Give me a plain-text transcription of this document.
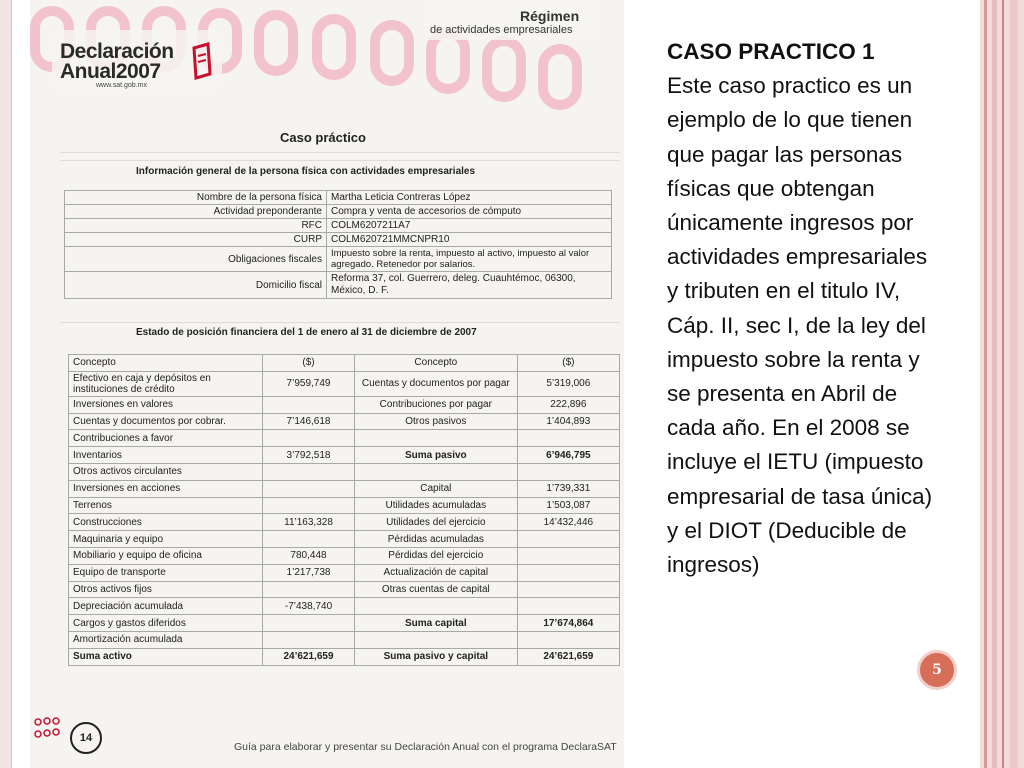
Declaración
Anual2007
www.sat.gob.mx
Régimen
de actividades empresariales
Caso práctico
Información general de la persona física con actividades empresariales
Nombre de la persona física	Martha Leticia Contreras López
Actividad preponderante	Compra y venta de accesorios de cómputo
RFC	COLM6207211A7
CURP	COLM620721MMCNPR10
Obligaciones fiscales	Impuesto sobre la renta, impuesto al activo, impuesto al valor agregado. Retenedor por salarios.
Domicilio fiscal	Reforma 37, col. Guerrero, deleg. Cuauhtémoc, 06300, México, D. F.
Estado de posición financiera del 1 de enero al 31 de diciembre de 2007
Concepto	($)	Concepto	($)
Efectivo en caja y depósitos en instituciones de crédito	7’959,749	Cuentas y documentos por pagar	5’319,006
Inversiones en valores		Contribuciones por pagar	222,896
Cuentas y documentos por cobrar.	7’146,618	Otros pasivos	1’404,893
Contribuciones a favor			
Inventarios	3’792,518	Suma pasivo	6’946,795
Otros activos circulantes			
Inversiones en acciones		Capital	1’739,331
Terrenos		Utilidades acumuladas	1’503,087
Construcciones	11’163,328	Utilidades del ejercicio	14’432,446
Maquinaria y equipo		Pérdidas acumuladas	
Mobiliario y equipo de oficina	780,448	Pérdidas del ejercicio	
Equipo de transporte	1’217,738	Actualización de capital	
Otros activos fijos		Otras cuentas de capital	
Depreciación acumulada	-7’438,740		
Cargos y gastos diferidos		Suma capital	17’674,864
Amortización acumulada			
Suma activo	24’621,659	Suma pasivo y capital	24’621,659
14
Guía para elaborar y presentar su Declaración Anual con el programa DeclaraSAT
CASO PRACTICO 1
Este caso practico es un
ejemplo de lo que tienen
que pagar las personas
físicas que obtengan
únicamente ingresos por
actividades empresariales
y tributen en el titulo IV,
Cáp. II, sec I, de la ley del
impuesto sobre la renta y
se presenta en Abril de
cada año. En el 2008 se
incluye el IETU (impuesto
empresarial de tasa única)
y el DIOT (Deducible de
ingresos)
5
